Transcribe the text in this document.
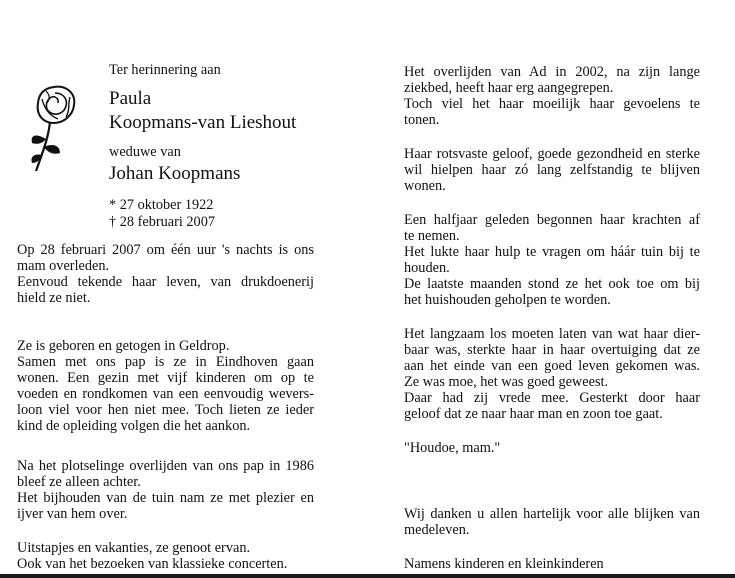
Ter herinnering aan
Paula
Koopmans-van Lieshout
weduwe van
Johan Koopmans
* 27 oktober 1922
† 28 februari 2007

Op 28 februari 2007 om één uur 's nachts is ons

mam overleden.

Eenvoud tekende haar leven, van drukdoenerij

hield ze niet.

Ze is geboren en getogen in Geldrop.

Samen met ons pap is ze in Eindhoven gaan

wonen. Een gezin met vijf kinderen om op te

voeden en rondkomen van een eenvoudig wevers-

loon viel voor hen niet mee. Toch lieten ze ieder

kind de opleiding volgen die het aankon.

Na het plotselinge overlijden van ons pap in 1986

bleef ze alleen achter.

Het bijhouden van de tuin nam ze met plezier en

ijver van hem over.

Uitstapjes en vakanties, ze genoot ervan.

Ook van het bezoeken van klassieke concerten.

Het overlijden van Ad in 2002, na zijn lange

ziekbed, heeft haar erg aangegrepen.

Toch viel het haar moeilijk haar gevoelens te

tonen.

Haar rotsvaste geloof, goede gezondheid en sterke

wil hielpen haar zó lang zelfstandig te blijven

wonen.

Een halfjaar geleden begonnen haar krachten af

te nemen.

Het lukte haar hulp te vragen om háár tuin bij te

houden.

De laatste maanden stond ze het ook toe om bij

het huishouden geholpen te worden.

Het langzaam los moeten laten van wat haar dier-

baar was, sterkte haar in haar overtuiging dat ze

aan het einde van een goed leven gekomen was.

Ze was moe, het was goed geweest.

Daar had zij vrede mee. Gesterkt door haar

geloof dat ze naar haar man en zoon toe gaat.

"Houdoe, mam."

Wij danken u allen hartelijk voor alle blijken van

medeleven.

Namens kinderen en kleinkinderen
